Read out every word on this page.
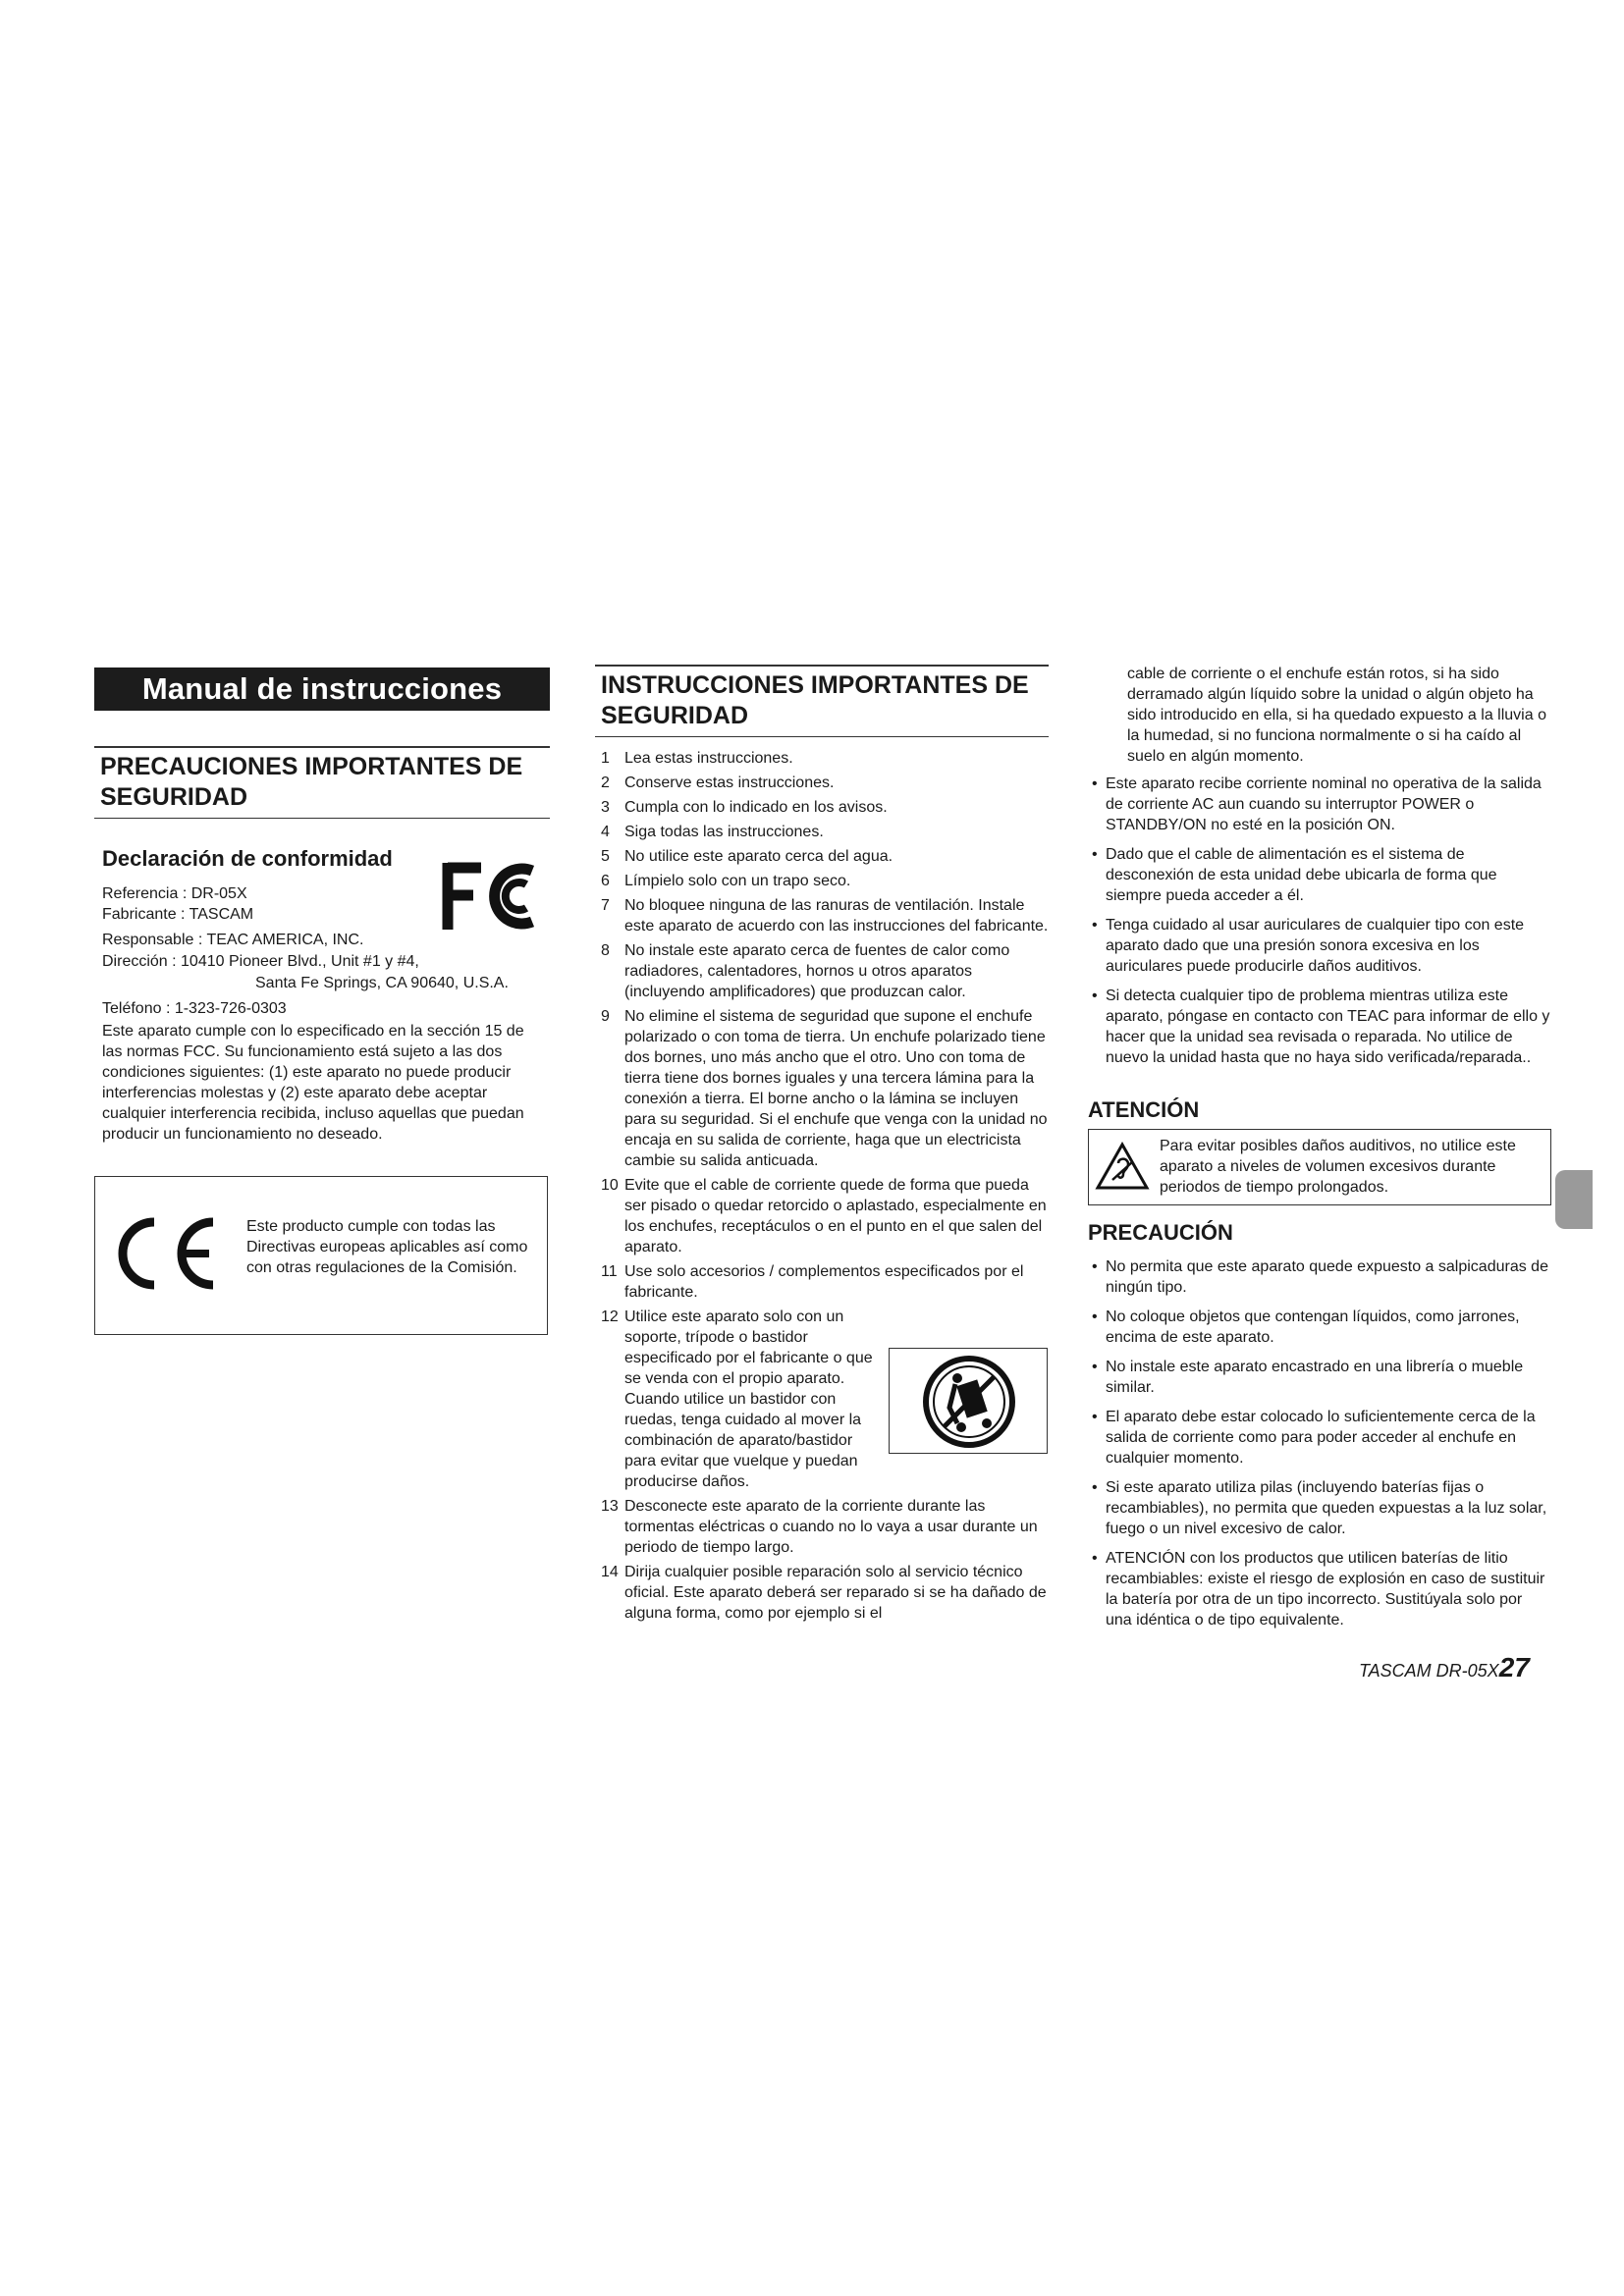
Manual de instrucciones
PRECAUCIONES IMPORTANTES DE SEGURIDAD
Declaración de conformidad
Referencia : DR-05X
Fabricante : TASCAM
Responsable : TEAC AMERICA, INC.
Dirección : 10410 Pioneer Blvd., Unit #1 y #4,
Santa Fe Springs, CA 90640, U.S.A.
Teléfono : 1-323-726-0303
Este aparato cumple con lo especificado en la sección 15 de las normas FCC. Su funcionamiento está sujeto a las dos condiciones siguientes: (1) este aparato no puede producir interferencias molestas y (2) este aparato debe aceptar cualquier interferencia recibida, incluso aquellas que puedan producir un funcionamiento no deseado.
Este producto cumple con todas las Directivas europeas aplicables así como con otras regulaciones de la Comisión.
INSTRUCCIONES IMPORTANTES DE SEGURIDAD
1 Lea estas instrucciones.
2 Conserve estas instrucciones.
3 Cumpla con lo indicado en los avisos.
4 Siga todas las instrucciones.
5 No utilice este aparato cerca del agua.
6 Límpielo solo con un trapo seco.
7 No bloquee ninguna de las ranuras de ventilación. Instale este aparato de acuerdo con las instrucciones del fabricante.
8 No instale este aparato cerca de fuentes de calor como radiadores, calentadores, hornos u otros aparatos (incluyendo amplificadores) que produzcan calor.
9 No elimine el sistema de seguridad que supone el enchufe polarizado o con toma de tierra. Un enchufe polarizado tiene dos bornes, uno más ancho que el otro. Uno con toma de tierra tiene dos bornes iguales y una tercera lámina para la conexión a tierra. El borne ancho o la lámina se incluyen para su seguridad. Si el enchufe que venga con la unidad no encaja en su salida de corriente, haga que un electricista cambie su salida anticuada.
10 Evite que el cable de corriente quede de forma que pueda ser pisado o quedar retorcido o aplastado, especialmente en los enchufes, receptáculos o en el punto en el que salen del aparato.
11 Use solo accesorios / complementos especificados por el fabricante.
12 Utilice este aparato solo con un soporte, trípode o bastidor especificado por el fabricante o que se venda con el propio aparato. Cuando utilice un bastidor con ruedas, tenga cuidado al mover la combinación de aparato/bastidor para evitar que vuelque y puedan producirse daños.
13 Desconecte este aparato de la corriente durante las tormentas eléctricas o cuando no lo vaya a usar durante un periodo de tiempo largo.
14 Dirija cualquier posible reparación solo al servicio técnico oficial. Este aparato deberá ser reparado si se ha dañado de alguna forma, como por ejemplo si el
cable de corriente o el enchufe están rotos, si ha sido derramado algún líquido sobre la unidad o algún objeto ha sido introducido en ella, si ha quedado expuesto a la lluvia o la humedad, si no funciona normalmente o si ha caído al suelo en algún momento.
• Este aparato recibe corriente nominal no operativa de la salida de corriente AC aun cuando su interruptor POWER o STANDBY/ON no esté en la posición ON.
• Dado que el cable de alimentación es el sistema de desconexión de esta unidad debe ubicarla de forma que siempre pueda acceder a él.
• Tenga cuidado al usar auriculares de cualquier tipo con este aparato dado que una presión sonora excesiva en los auriculares puede producirle daños auditivos.
• Si detecta cualquier tipo de problema mientras utiliza este aparato, póngase en contacto con TEAC para informar de ello y hacer que la unidad sea revisada o reparada. No utilice de nuevo la unidad hasta que no haya sido verificada/reparada..
ATENCIÓN
Para evitar posibles daños auditivos, no utilice este aparato a niveles de volumen excesivos durante periodos de tiempo prolongados.
PRECAUCIÓN
• No permita que este aparato quede expuesto a salpicaduras de ningún tipo.
• No coloque objetos que contengan líquidos, como jarrones, encima de este aparato.
• No instale este aparato encastrado en una librería o mueble similar.
• El aparato debe estar colocado lo suficientemente cerca de la salida de corriente como para poder acceder al enchufe en cualquier momento.
• Si este aparato utiliza pilas (incluyendo baterías fijas o recambiables), no permita que queden expuestas a la luz solar, fuego o un nivel excesivo de calor.
• ATENCIÓN con los productos que utilicen baterías de litio recambiables: existe el riesgo de explosión en caso de sustituir la batería por otra de un tipo incorrecto. Sustitúyala solo por una idéntica o de tipo equivalente.
TASCAM DR-05X27
